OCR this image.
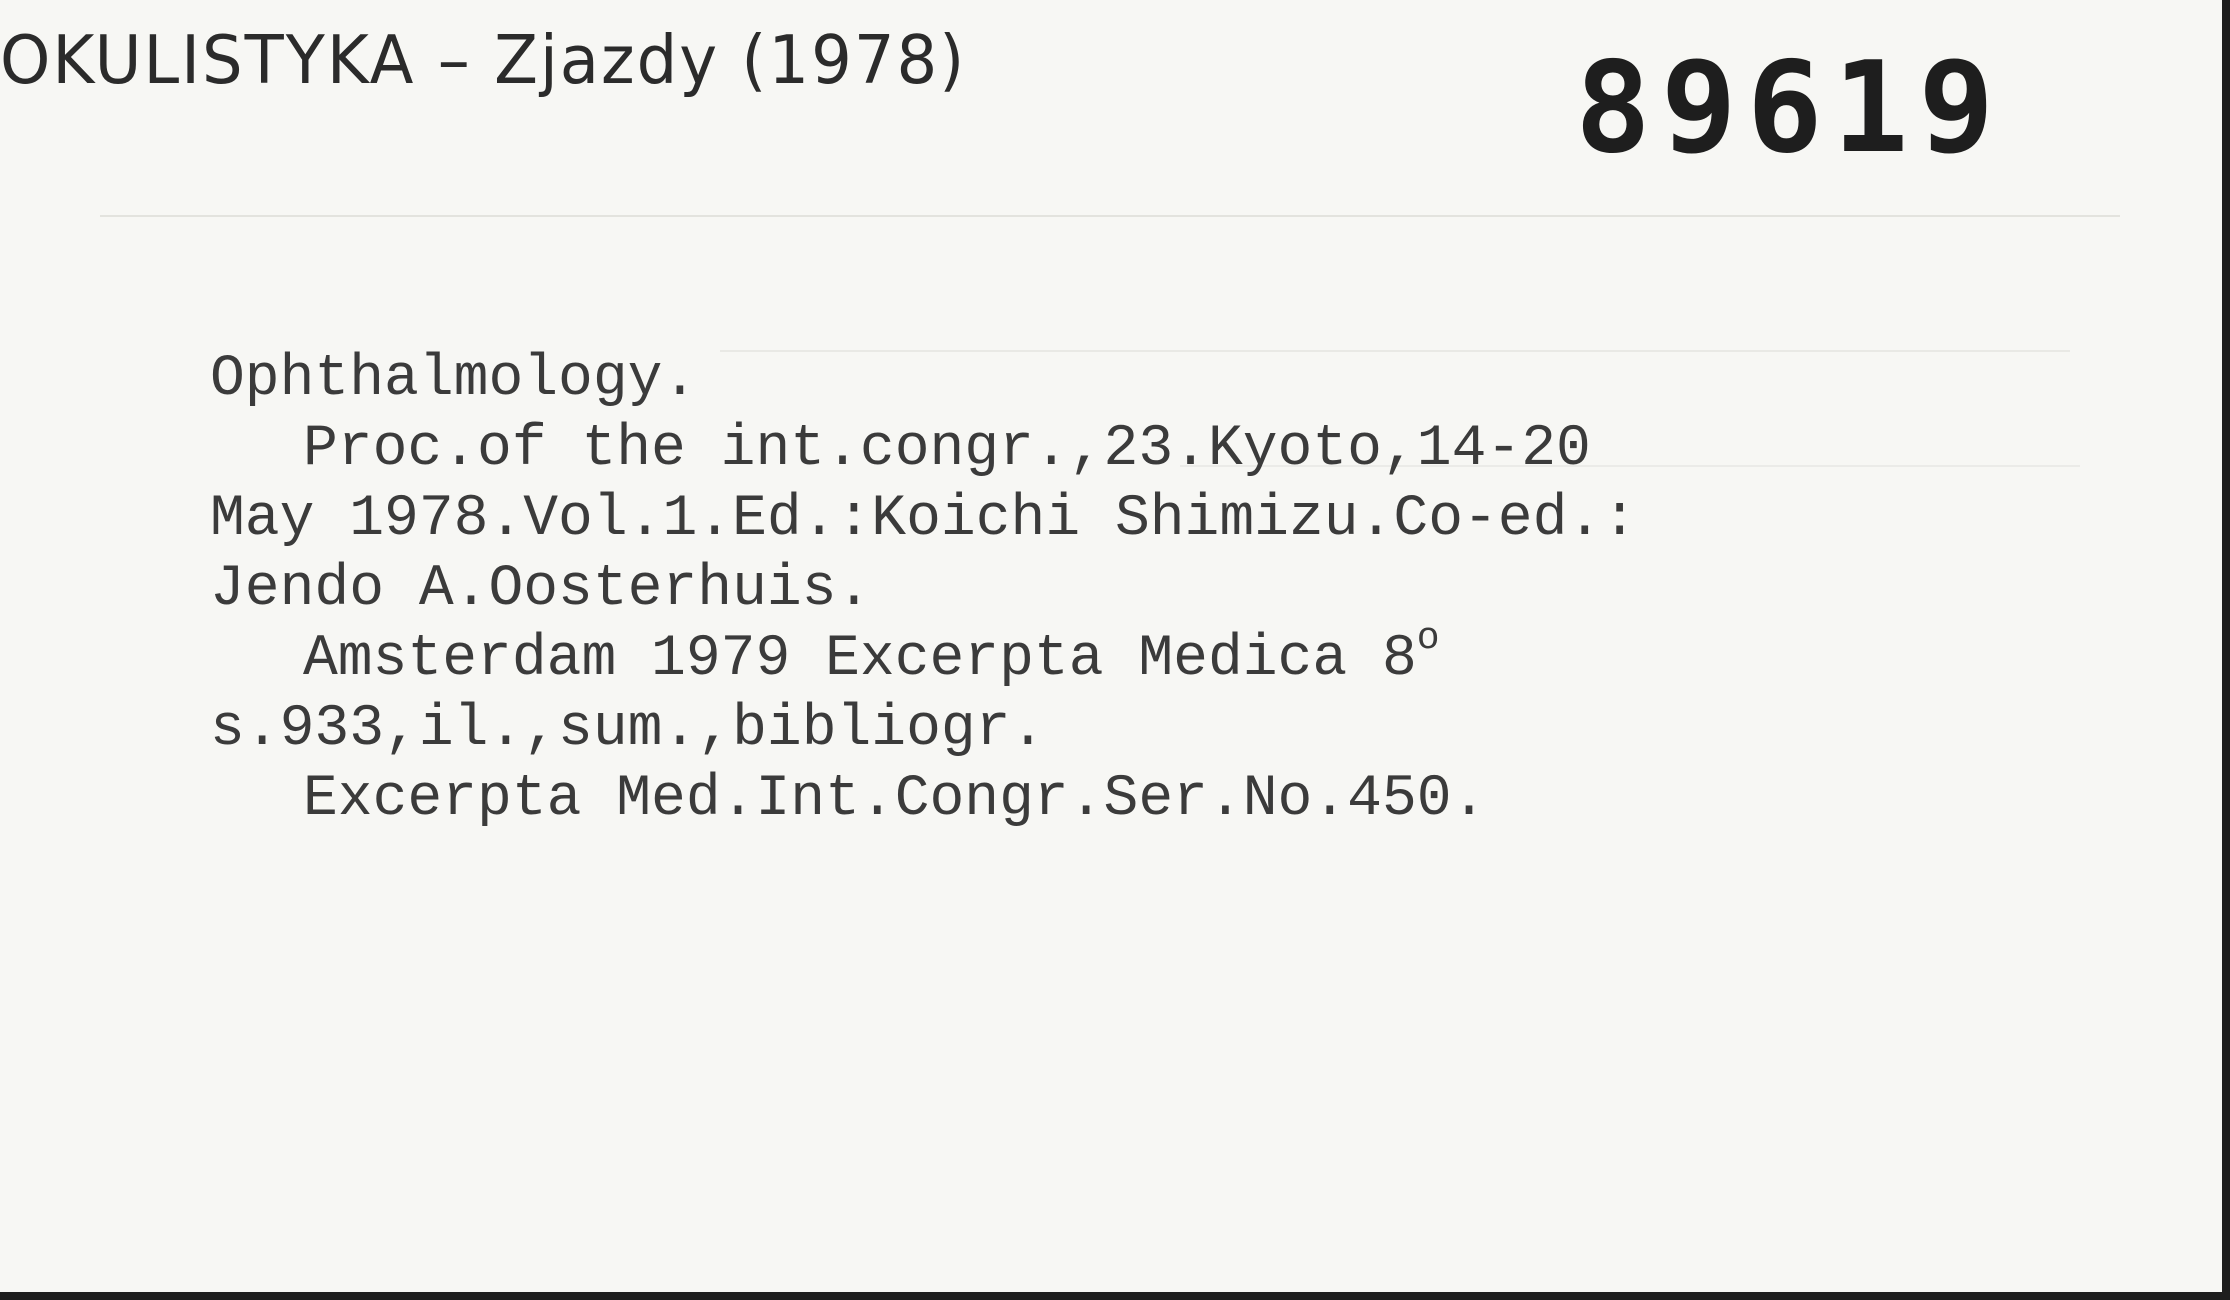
OKULISTYKA – Zjazdy (1978)	89619
Ophthalmology.
Proc.of the int.congr.,23.Kyoto,14-20
May 1978.Vol.1.Ed.:Koichi Shimizu.Co-ed.:
Jendo A.Oosterhuis.
Amsterdam 1979 Excerpta Medica 8$^o$
s.933,il.,sum.,bibliogr.
Excerpta Med.Int.Congr.Ser.No.450.
